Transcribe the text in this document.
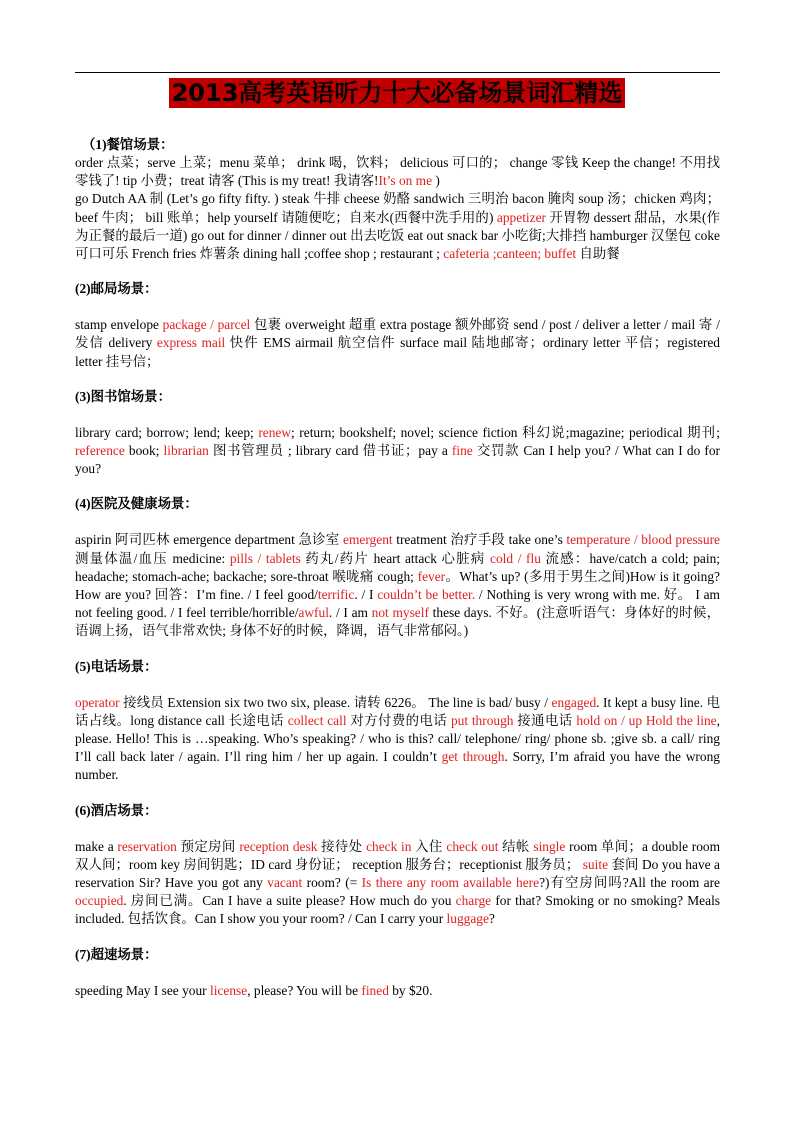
2013高考英语听力十大必备场景词汇精选

（1)餐馆场景：

order 点菜；serve 上菜；menu 菜单； drink 喝，饮料； delicious 可口的； change 零钱 Keep the change! 不用找零钱了! tip 小费；treat 请客 (This is my treat! 我请客!It’s on me )
go Dutch AA 制 (Let’s go fifty fifty. ) steak 牛排 cheese 奶酪 sandwich 三明治 bacon 腌肉 soup 汤；chicken 鸡肉； beef 牛肉； bill 账单；help yourself 请随便吃；自来水(西餐中洗手用的) appetizer 开胃物 dessert 甜品，水果(作为正餐的最后一道) go out for dinner / dinner out 出去吃饭 eat out snack bar 小吃街;大排挡 hamburger 汉堡包 coke 可口可乐 French fries 炸薯条 dining hall ;coffee shop ; restaurant ; cafeteria ;canteen; buffet 自助餐

(2)邮局场景：

stamp envelope package / parcel 包裹 overweight 超重 extra postage 额外邮资 send / post / deliver a letter / mail 寄 /发信 delivery express mail 快件 EMS airmail 航空信件 surface mail 陆地邮寄；ordinary letter 平信；registered letter 挂号信；

(3)图书馆场景：

library card; borrow; lend; keep; renew; return; bookshelf; novel; science fiction 科幻说;magazine; periodical 期刊; reference book; librarian 图书管理员 ; library card 借书证；pay a fine 交罚款 Can I help you? / What can I do for you?

(4)医院及健康场景：

aspirin 阿司匹林 emergence department 急诊室 emergent treatment 治疗手段 take one’s temperature / blood pressure 测量体温/血压 medicine: pills / tablets 药丸/药片 heart attack 心脏病 cold / flu 流感：have/catch a cold; pain; headache; stomach-ache; backache; sore-throat 喉咙痛 cough; fever。What’s up? (多用于男生之间)How is it going? How are you? 回答：I’m fine. / I feel good/terrific. / I couldn’t be better. / Nothing is very wrong with me. 好。 I am not feeling good. / I feel terrible/horrible/awful. / I am not myself these days. 不好。(注意听语气：身体好的时候，语调上扬，语气非常欢快; 身体不好的时候，降调，语气非常郁闷。)

(5)电话场景：

operator 接线员 Extension six two two six, please. 请转 6226。 The line is bad/ busy / engaged. It kept a busy line. 电话占线。long distance call 长途电话 collect call 对方付费的电话 put through 接通电话 hold on / up Hold the line, please. Hello! This is …speaking. Who’s speaking? / who is this? call/ telephone/ ring/ phone sb. ;give sb. a call/ ring I’ll call back later / again. I’ll ring him / her up again. I couldn’t get through. Sorry, I’m afraid you have the wrong number.

(6)酒店场景：

make a reservation 预定房间 reception desk 接待处 check in 入住 check out 结帐 single room 单间；a double room 双人间；room key 房间钥匙；ID card 身份证； reception 服务台；receptionist 服务员； suite 套间 Do you have a reservation Sir? Have you got any vacant room? (= Is there any room available here?)有空房间吗?All the room are occupied. 房间已满。Can I have a suite please? How much do you charge for that? Smoking or no smoking? Meals included. 包括饮食。Can I show you your room? / Can I carry your luggage?

(7)超速场景：

speeding May I see your license, please? You will be fined by $20.
